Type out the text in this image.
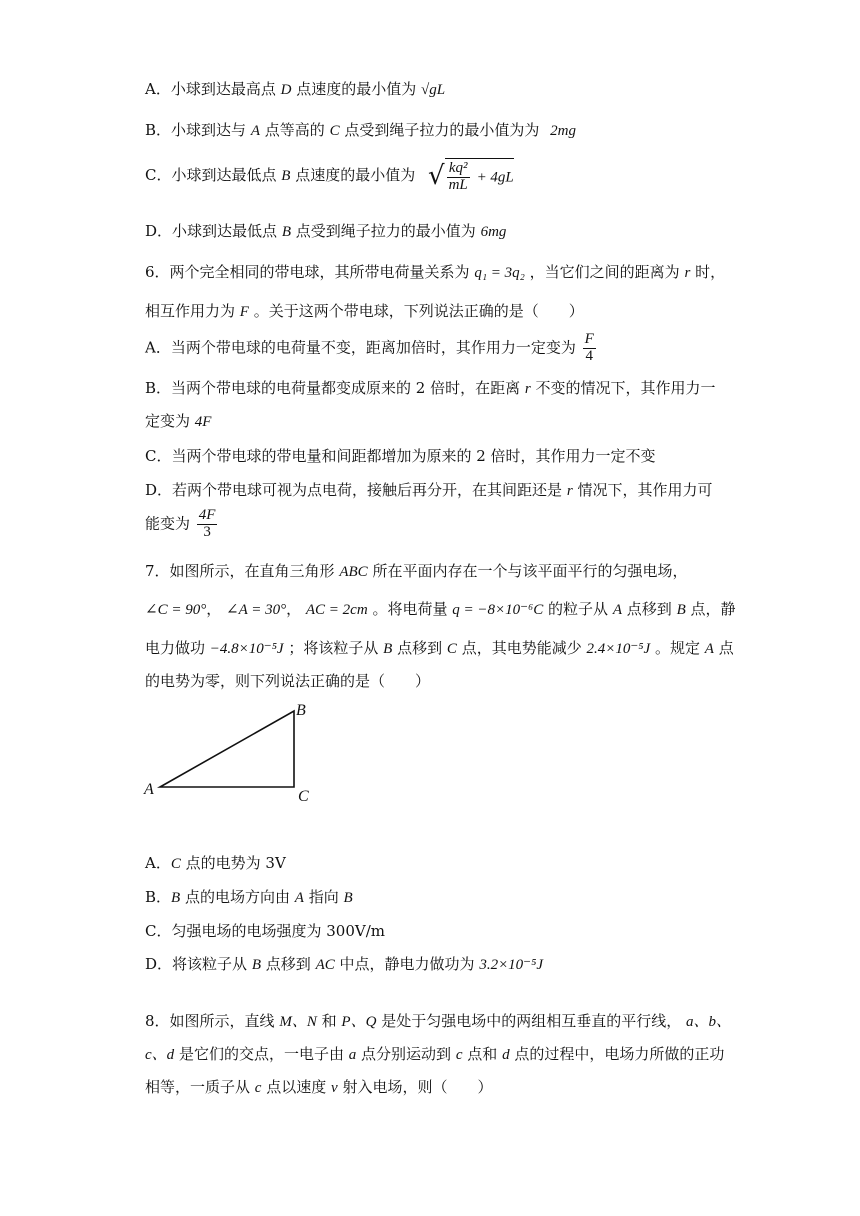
A．小球到达最高点 D 点速度的最小值为 √gL
B．小球到达与 A 点等高的 C 点受到绳子拉力的最小值为为 2mg
C．小球到达最低点 B 点速度的最小值为 √ $\frac{\text{kq²}}{mL} + 4gL$
D．小球到达最低点 B 点受到绳子拉力的最小值为 6mg
6．两个完全相同的带电球，其所带电荷量关系为 q₁ = 3q₂ ，当它们之间的距离为 r 时，
相互作用力为 F 。关于这两个带电球，下列说法正确的是（　　）
A．当两个带电球的电荷量不变，距离加倍时，其作用力一定变为 $\frac{F}{4}$
B．当两个带电球的电荷量都变成原来的 2 倍时，在距离 r 不变的情况下，其作用力一
定变为 4F
C．当两个带电球的带电量和间距都增加为原来的 2 倍时，其作用力一定不变
D．若两个带电球可视为点电荷，接触后再分开，在其间距还是 r 情况下，其作用力可
能变为 $\frac{4F}{3}$
7．如图所示，在直角三角形 ABC 所在平面内存在一个与该平面平行的匀强电场，
∠C = 90°， ∠A = 30°， AC = 2cm 。将电荷量 q = −8×10⁻⁶C 的粒子从 A 点移到 B 点，静
电力做功 −4.8×10⁻⁵J ；将该粒子从 B 点移到 C 点，其电势能减少 2.4×10⁻⁵J 。规定 A 点
的电势为零，则下列说法正确的是（　　）
A
B
C
A．C 点的电势为 3V
B．B 点的电场方向由 A 指向 B
C．匀强电场的电场强度为 300V/m
D．将该粒子从 B 点移到 AC 中点，静电力做功为 3.2×10⁻⁵J
8．如图所示，直线 M、N 和 P、Q 是处于匀强电场中的两组相互垂直的平行线， a、b、
c、d 是它们的交点，一电子由 a 点分别运动到 c 点和 d 点的过程中，电场力所做的正功
相等，一质子从 c 点以速度 v 射入电场，则（　　）
